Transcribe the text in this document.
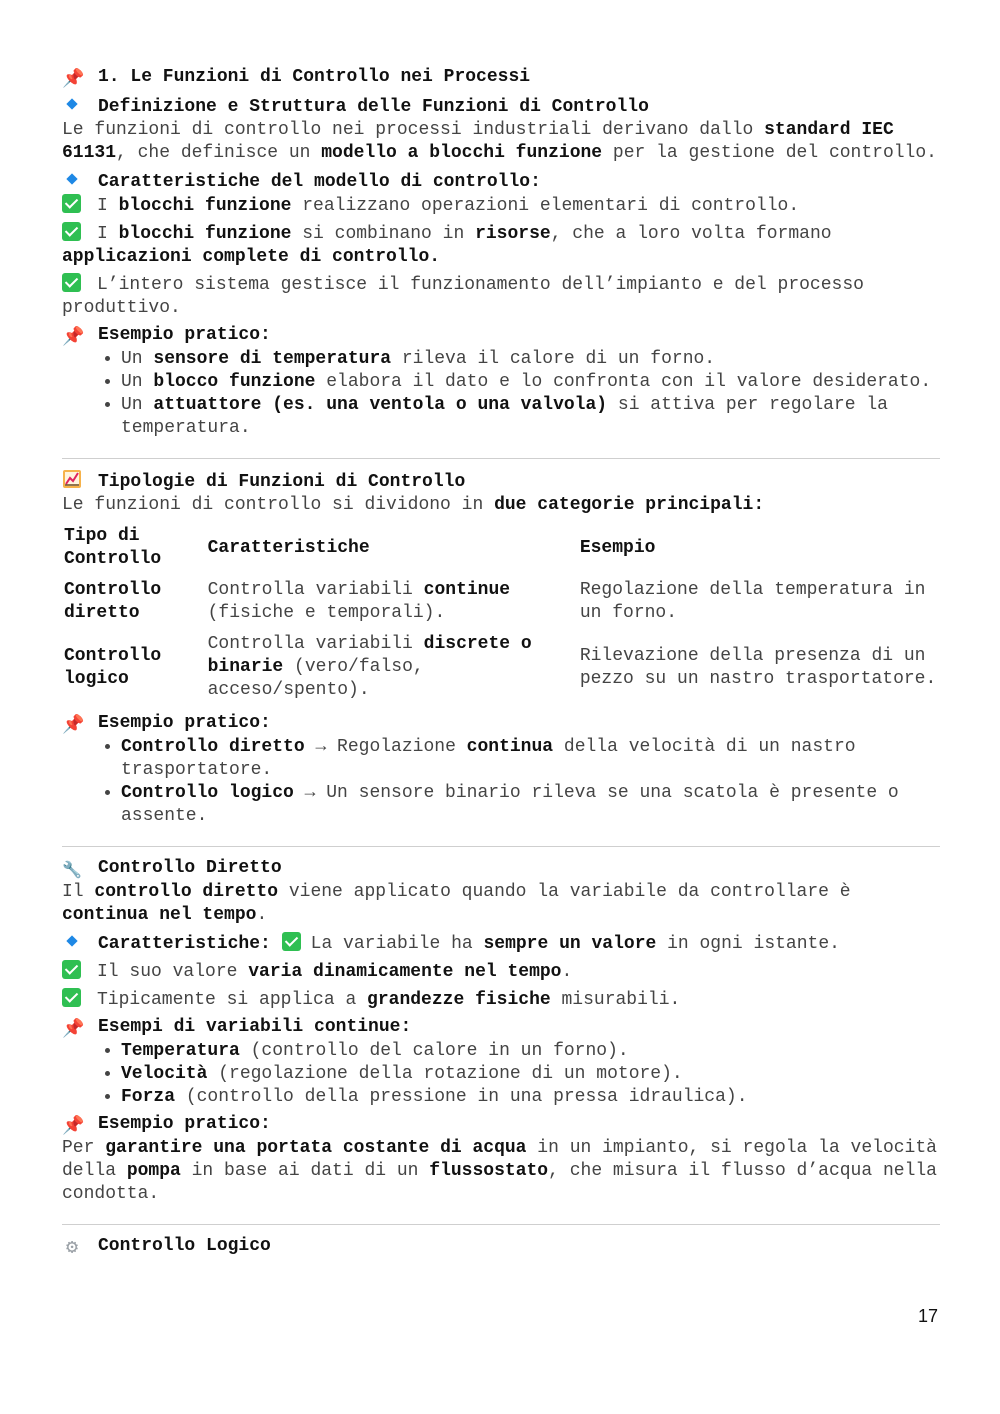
📌 1. Le Funzioni di Controllo nei Processi
Definizione e Struttura delle Funzioni di Controllo
Le funzioni di controllo nei processi industriali derivano dallo standard IEC 61131, che definisce un modello a blocchi funzione per la gestione del controllo.
Caratteristiche del modello di controllo:
I blocchi funzione realizzano operazioni elementari di controllo.
I blocchi funzione si combinano in risorse, che a loro volta formano applicazioni complete di controllo.
L’intero sistema gestisce il funzionamento dell’impianto e del processo produttivo.
📌 Esempio pratico:
• Un sensore di temperatura rileva il calore di un forno.
• Un blocco funzione elabora il dato e lo confronta con il valore desiderato.
• Un attuattore (es. una ventola o una valvola) si attiva per regolare la temperatura.
Tipologie di Funzioni di Controllo
Le funzioni di controllo si dividono in due categorie principali:
Tipo di Controllo	Caratteristiche	Esempio
Controllo diretto	Controlla variabili continue (fisiche e temporali).	Regolazione della temperatura in un forno.
Controllo logico	Controlla variabili discrete o binarie (vero/falso, acceso/spento).	Rilevazione della presenza di un pezzo su un nastro trasportatore.
📌 Esempio pratico:
• Controllo diretto → Regolazione continua della velocità di un nastro trasportatore.
• Controllo logico → Un sensore binario rileva se una scatola è presente o assente.
🔧 Controllo Diretto
Il controllo diretto viene applicato quando la variabile da controllare è continua nel tempo.
Caratteristiche: La variabile ha sempre un valore in ogni istante.
Il suo valore varia dinamicamente nel tempo.
Tipicamente si applica a grandezze fisiche misurabili.
📌 Esempi di variabili continue:
• Temperatura (controllo del calore in un forno).
• Velocità (regolazione della rotazione di un motore).
• Forza (controllo della pressione in una pressa idraulica).
📌 Esempio pratico:
Per garantire una portata costante di acqua in un impianto, si regola la velocità della pompa in base ai dati di un flussostato, che misura il flusso d’acqua nella condotta.
⚙ Controllo Logico
17
